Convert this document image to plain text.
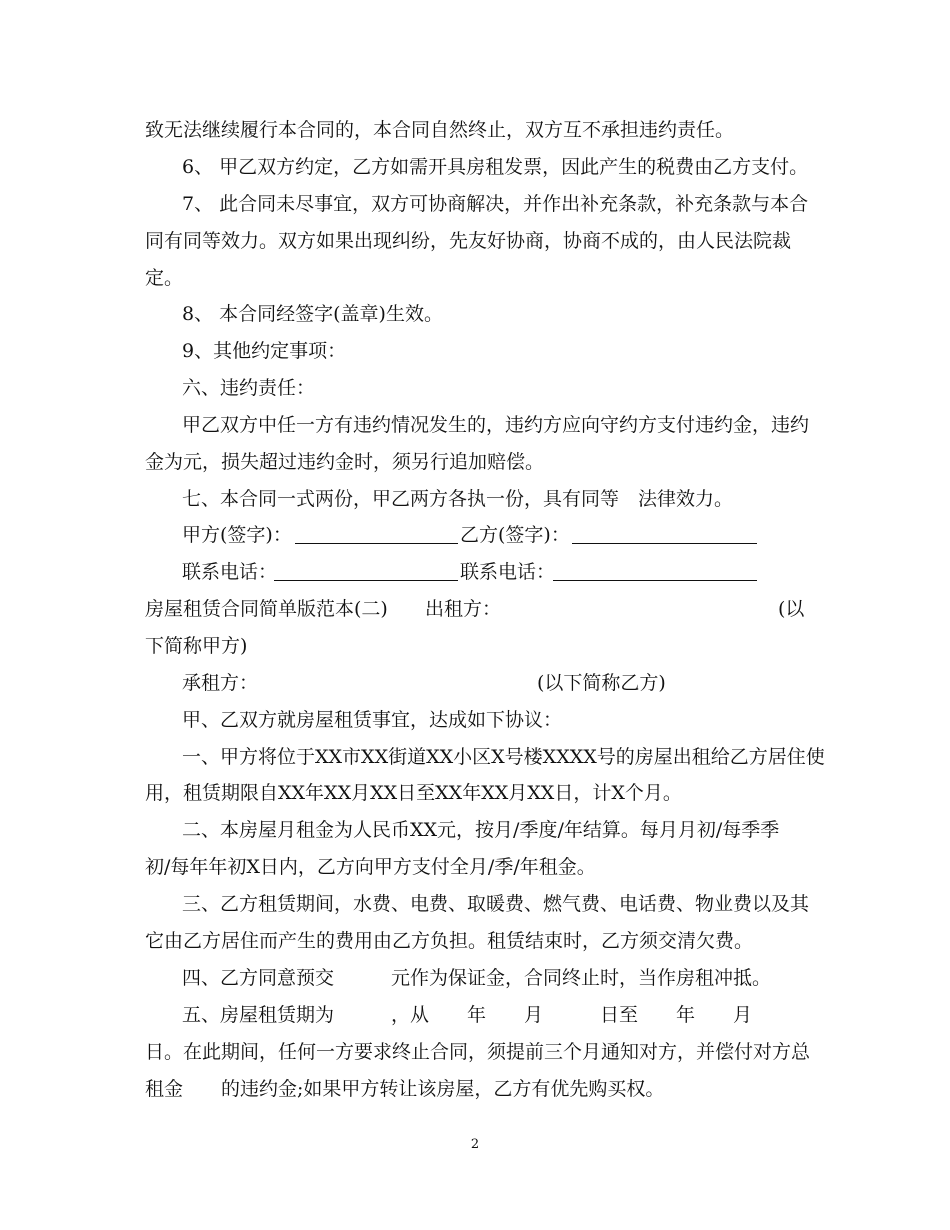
致无法继续履行本合同的，本合同自然终止，双方互不承担违约责任。
6、 甲乙双方约定，乙方如需开具房租发票，因此产生的税费由乙方支付。
7、 此合同未尽事宜，双方可协商解决，并作出补充条款，补充条款与本合
同有同等效力。双方如果出现纠纷，先友好协商，协商不成的，由人民法院裁
定。
8、 本合同经签字(盖章)生效。
9、其他约定事项：
六、违约责任：
甲乙双方中任一方有违约情况发生的，违约方应向守约方支付违约金，违约
金为元，损失超过违约金时，须另行追加赔偿。
七、本合同一式两份，甲乙两方各执一份，具有同等　法律效力。
甲方(签字)：	乙方(签字)：
联系电话：	联系电话：
房屋租赁合同简单版范本(二) 出租方：	(以
下简称甲方)
承租方：	(以下简称乙方)
甲、乙双方就房屋租赁事宜，达成如下协议：
一、甲方将位于XX市XX街道XX小区X号楼XXXX号的房屋出租给乙方居住使
用，租赁期限自XX年XX月XX日至XX年XX月XX日，计X个月。
二、本房屋月租金为人民币XX元，按月/季度/年结算。每月月初/每季季
初/每年年初X日内，乙方向甲方支付全月/季/年租金。
三、乙方租赁期间，水费、电费、取暖费、燃气费、电话费、物业费以及其
它由乙方居住而产生的费用由乙方负担。租赁结束时，乙方须交清欠费。
四、乙方同意预交　　　元作为保证金，合同终止时，当作房租冲抵。
五、房屋租赁期为　　　，从　　年　　月　　　日至　　年　　月
日。在此期间，任何一方要求终止合同，须提前三个月通知对方，并偿付对方总
租金　　的违约金;如果甲方转让该房屋，乙方有优先购买权。
2
